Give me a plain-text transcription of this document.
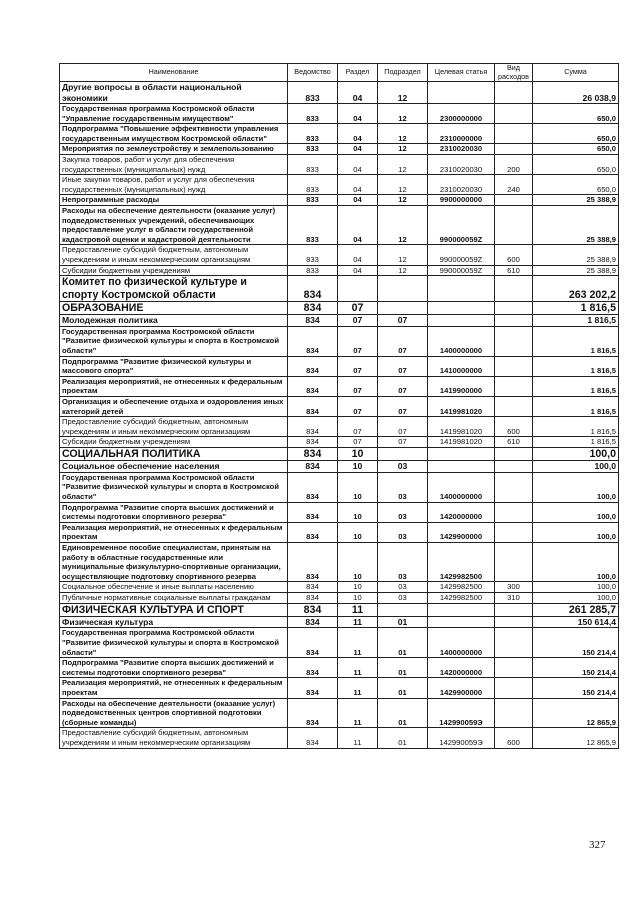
Наименование	Ведомство	Раздел	Подраздел	Целевая статья	Вид расходов	Сумма
Другие вопросы в области национальной экономики	833	04	12			26 038,9
Государственная программа Костромской области "Управление государственным имуществом"	833	04	12	2300000000		650,0
Подпрограмма "Повышение эффективности управления государственным имуществом Костромской области"	833	04	12	2310000000		650,0
Мероприятия по землеустройству и землепользованию	833	04	12	2310020030		650,0
Закупка товаров, работ и услуг для обеспечения государственных (муниципальных) нужд	833	04	12	2310020030	200	650,0
Иные закупки товаров, работ и услуг для обеспечения государственных (муниципальных) нужд	833	04	12	2310020030	240	650,0
Непрограммные расходы	833	04	12	9900000000		25 388,9
Расходы на обеспечение деятельности (оказание услуг) подведомственных учреждений, обеспечивающих предоставление услуг в области государственной кадастровой оценки и кадастровой деятельности	833	04	12	990000059Z		25 388,9
Предоставление субсидий бюджетным, автономным учреждениям и иным некоммерческим организациям	833	04	12	990000059Z	600	25 388,9
Субсидии бюджетным учреждениям	833	04	12	990000059Z	610	25 388,9
Комитет по физической культуре и спорту Костромской области	834					263 202,2
ОБРАЗОВАНИЕ	834	07				1 816,5
Молодежная политика	834	07	07			1 816,5
Государственная программа Костромской области "Развитие физической культуры и спорта в Костромской области"	834	07	07	1400000000		1 816,5
Подпрограмма "Развитие физической культуры и массового спорта"	834	07	07	1410000000		1 816,5
Реализация мероприятий, не отнесенных к федеральным проектам	834	07	07	1419900000		1 816,5
Организация и обеспечение отдыха и оздоровления иных категорий детей	834	07	07	1419981020		1 816,5
Предоставление субсидий бюджетным, автономным учреждениям и иным некоммерческим организациям	834	07	07	1419981020	600	1 816,5
Субсидии бюджетным учреждениям	834	07	07	1419981020	610	1 816,5
СОЦИАЛЬНАЯ ПОЛИТИКА	834	10				100,0
Социальное обеспечение населения	834	10	03			100,0
Государственная программа Костромской области "Развитие физической культуры и спорта в Костромской области"	834	10	03	1400000000		100,0
Подпрограмма "Развитие спорта высших достижений и системы подготовки спортивного резерва"	834	10	03	1420000000		100,0
Реализация мероприятий, не отнесенных к федеральным проектам	834	10	03	1429900000		100,0
Единовременное пособие специалистам, принятым на работу в областные государственные или муниципальные физкультурно-спортивные организации, осуществляющие подготовку спортивного резерва	834	10	03	1429982500		100,0
Социальное обеспечение и иные выплаты населению	834	10	03	1429982500	300	100,0
Публичные нормативные социальные выплаты гражданам	834	10	03	1429982500	310	100,0
ФИЗИЧЕСКАЯ КУЛЬТУРА И СПОРТ	834	11				261 285,7
Физическая культура	834	11	01			150 614,4
Государственная программа Костромской области "Развитие физической культуры и спорта в Костромской области"	834	11	01	1400000000		150 214,4
Подпрограмма "Развитие спорта высших достижений и системы подготовки спортивного резерва"	834	11	01	1420000000		150 214,4
Реализация мероприятий, не отнесенных к федеральным проектам	834	11	01	1429900000		150 214,4
Расходы на обеспечение деятельности (оказание услуг) подведомственных центров спортивной подготовки (сборные команды)	834	11	01	142990059Э		12 865,9
Предоставление субсидий бюджетным, автономным учреждениям и иным некоммерческим организациям	834	11	01	142990059Э	600	12 865,9
327
